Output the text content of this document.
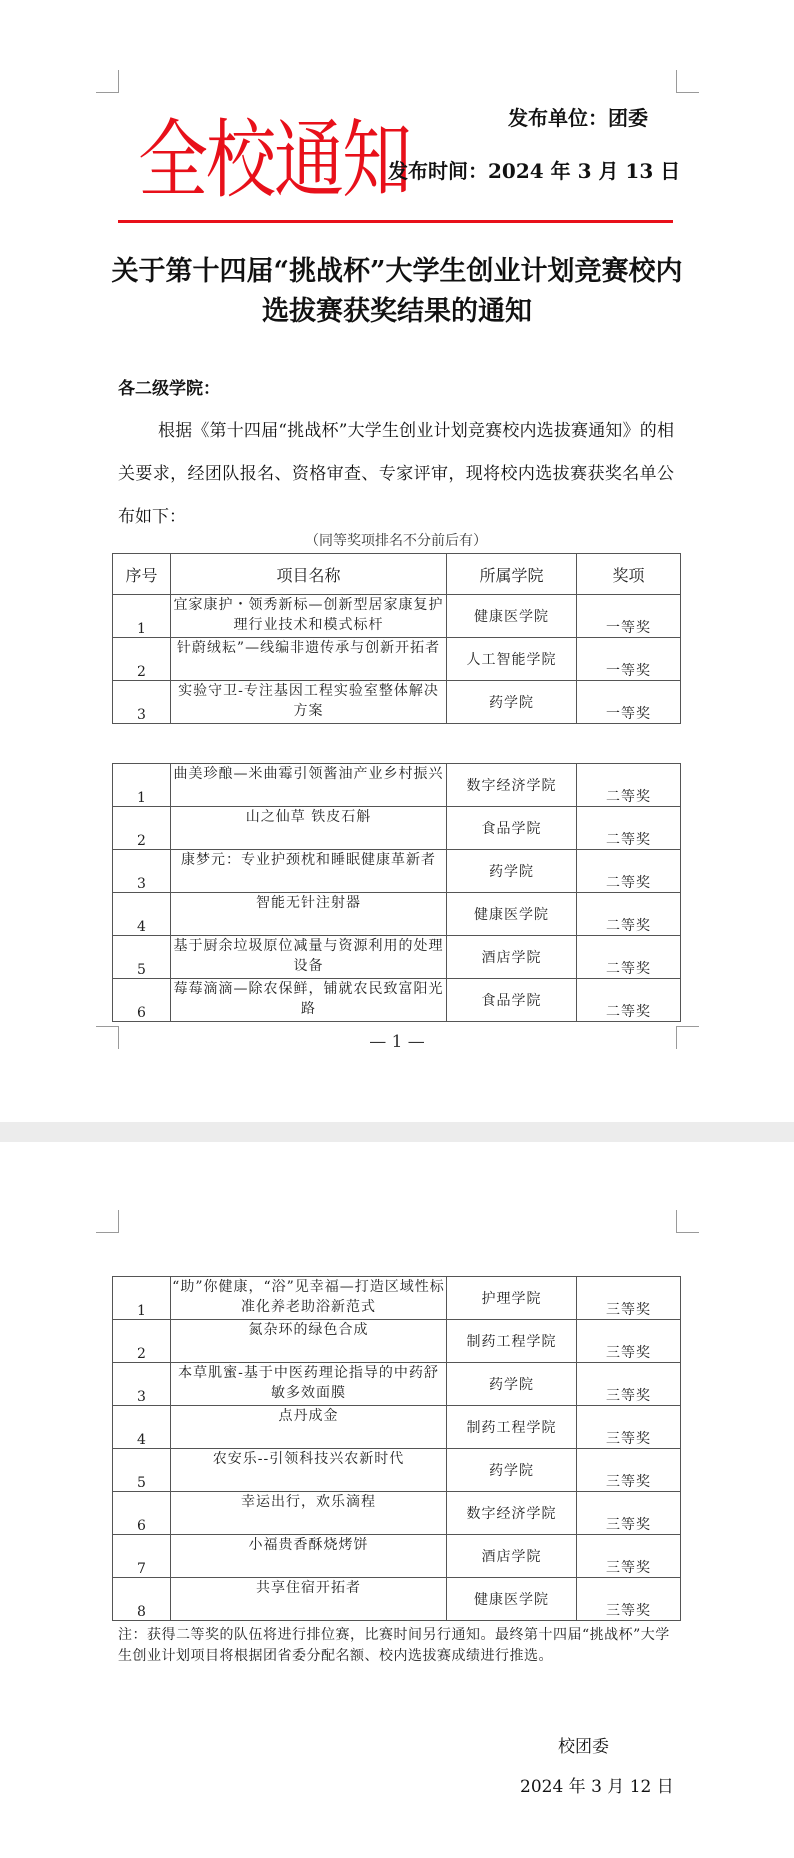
全校通知	发布单位：团委
发布时间：2024 年 3 月 13 日
关于第十四届“挑战杯”大学生创业计划竞赛校内选拔赛获奖结果的通知
各二级学院：
根据《第十四届“挑战杯”大学生创业计划竞赛校内选拔赛通知》的相关要求，经团队报名、资格审查、专家评审，现将校内选拔赛获奖名单公布如下：
（同等奖项排名不分前后有）
序号	项目名称	所属学院	奖项
1	宜家康护・领秀新标—创新型居家康复护理行业技术和模式标杆	健康医学院	一等奖
2	针蔚绒耘”—线编非遗传承与创新开拓者	人工智能学院	一等奖
3	实验守卫-专注基因工程实验室整体解决方案	药学院	一等奖
1	曲美珍酿—米曲霉引领酱油产业乡村振兴	数字经济学院	二等奖
2	山之仙草 铁皮石斛	食品学院	二等奖
3	康梦元：专业护颈枕和睡眠健康革新者	药学院	二等奖
4	智能无针注射器	健康医学院	二等奖
5	基于厨余垃圾原位减量与资源利用的处理设备	酒店学院	二等奖
6	莓莓滴滴—除农保鲜，铺就农民致富阳光路	食品学院	二等奖
— 1 —
1	“助”你健康，“浴”见幸福—打造区域性标准化养老助浴新范式	护理学院	三等奖
2	氮杂环的绿色合成	制药工程学院	三等奖
3	本草肌蜜-基于中医药理论指导的中药舒敏多效面膜	药学院	三等奖
4	点丹成金	制药工程学院	三等奖
5	农安乐--引领科技兴农新时代	药学院	三等奖
6	幸运出行，欢乐滴程	数字经济学院	三等奖
7	小福贵香酥烧烤饼	酒店学院	三等奖
8	共享住宿开拓者	健康医学院	三等奖
注：获得二等奖的队伍将进行排位赛，比赛时间另行通知。最终第十四届“挑战杯”大学生创业计划项目将根据团省委分配名额、校内选拔赛成绩进行推选。
校团委
2024 年 3 月 12 日
